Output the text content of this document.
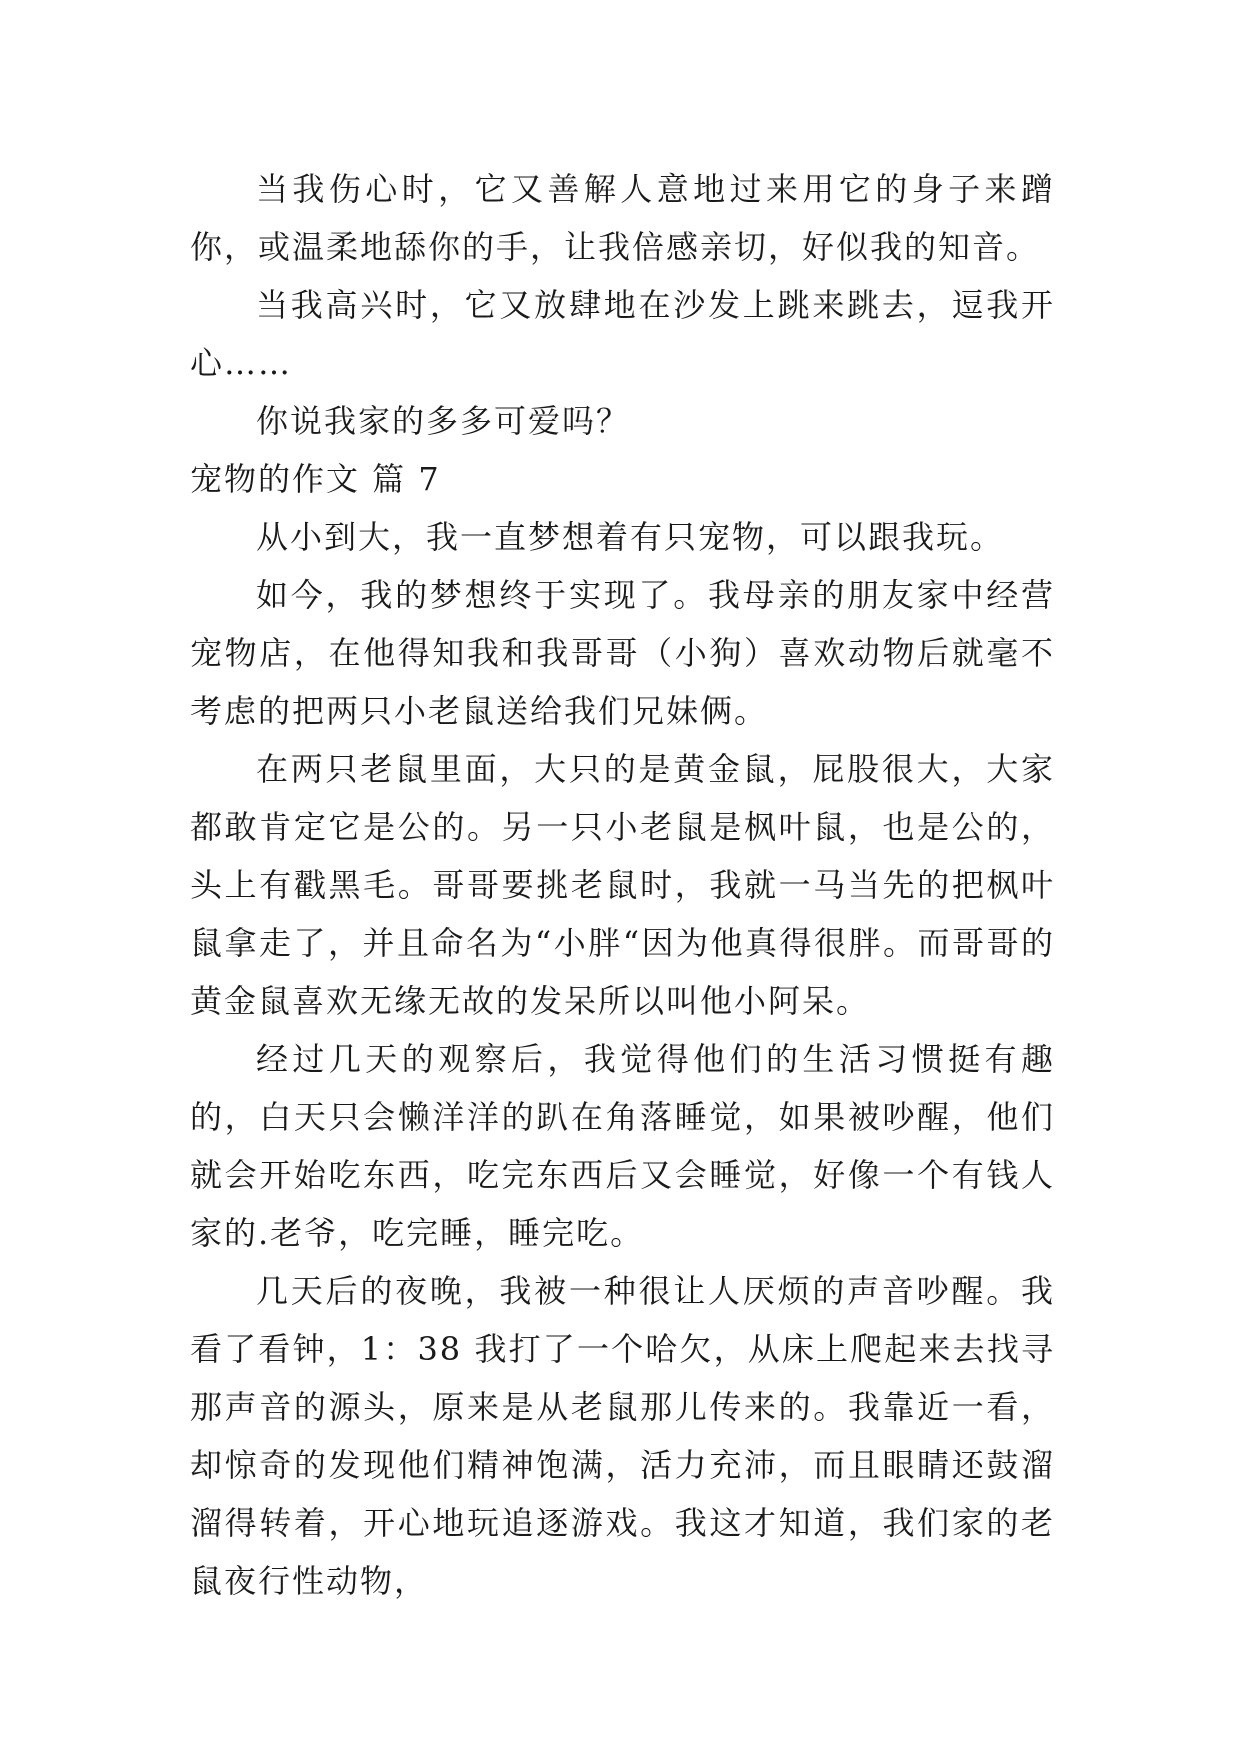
当我伤心时，它又善解人意地过来用它的身子来蹭你，或温柔地舔你的手，让我倍感亲切，好似我的知音。

当我高兴时，它又放肆地在沙发上跳来跳去，逗我开心……

你说我家的多多可爱吗？

宠物的作文 篇 7

从小到大，我一直梦想着有只宠物，可以跟我玩。

如今，我的梦想终于实现了。我母亲的朋友家中经营宠物店，在他得知我和我哥哥（小狗）喜欢动物后就毫不考虑的把两只小老鼠送给我们兄妹俩。

在两只老鼠里面，大只的是黄金鼠，屁股很大，大家都敢肯定它是公的。另一只小老鼠是枫叶鼠，也是公的，头上有戳黑毛。哥哥要挑老鼠时，我就一马当先的把枫叶鼠拿走了，并且命名为“小胖“因为他真得很胖。而哥哥的黄金鼠喜欢无缘无故的发呆所以叫他小阿呆。

经过几天的观察后，我觉得他们的生活习惯挺有趣的，白天只会懒洋洋的趴在角落睡觉，如果被吵醒，他们就会开始吃东西，吃完东西后又会睡觉，好像一个有钱人家的.老爷，吃完睡，睡完吃。

几天后的夜晚，我被一种很让人厌烦的声音吵醒。我看了看钟，1：38 我打了一个哈欠，从床上爬起来去找寻那声音的源头，原来是从老鼠那儿传来的。我靠近一看，却惊奇的发现他们精神饱满，活力充沛，而且眼睛还鼓溜溜得转着，开心地玩追逐游戏。我这才知道，我们家的老鼠夜行性动物，
